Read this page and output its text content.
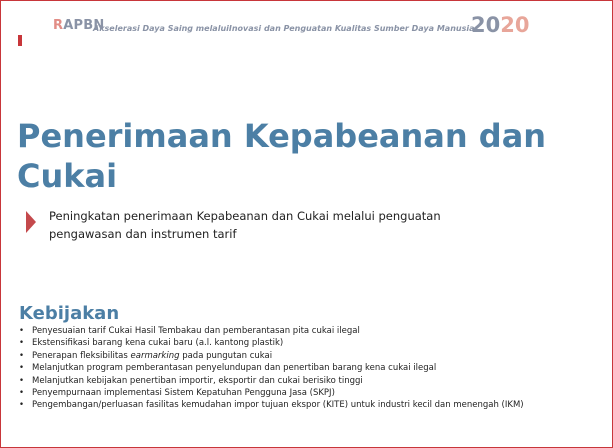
RAPBN
Akselerasi Daya Saing melaluiInovasi dan Penguatan Kualitas Sumber Daya Manusia
2020
Penerimaan Kepabeanan dan Cukai
Peningkatan penerimaan Kepabeanan dan Cukai melalui penguatan pengawasan dan instrumen tarif
Kebijakan
• Penyesuaian tarif Cukai Hasil Tembakau dan pemberantasan pita cukai ilegal
• Ekstensifikasi barang kena cukai baru (a.l. kantong plastik)
• Penerapan fleksibilitas earmarking pada pungutan cukai
• Melanjutkan program pemberantasan penyelundupan dan penertiban barang kena cukai ilegal
• Melanjutkan kebijakan penertiban importir, eksportir dan cukai berisiko tinggi
• Penyempurnaan implementasi Sistem Kepatuhan Pengguna Jasa (SKPJ)
• Pengembangan/perluasan fasilitas kemudahan impor tujuan ekspor (KITE) untuk industri kecil dan menengah (IKM)
